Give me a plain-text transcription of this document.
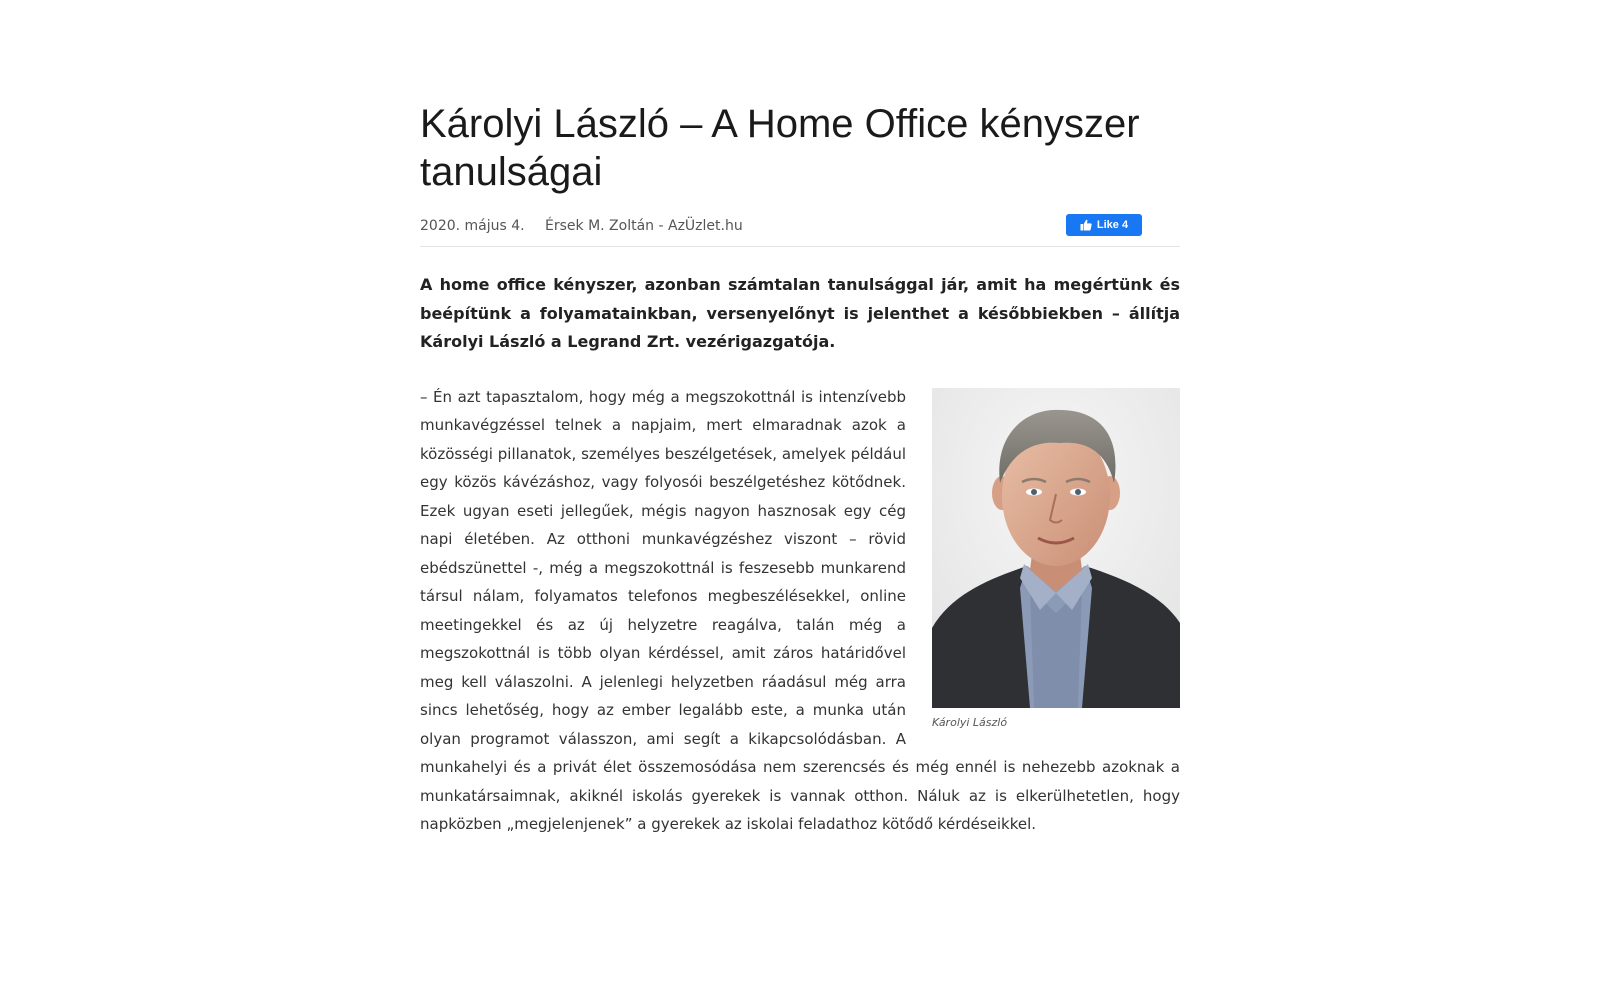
Károlyi László – A Home Office kényszer tanulságai
2020. május 4. Érsek M. Zoltán - AzÜzlet.hu	Like 4
A home office kényszer, azonban számtalan tanulsággal jár, amit ha megértünk és beépítünk a folyamatainkban, versenyelőnyt is jelenthet a későbbiekben – állítja Károlyi László a Legrand Zrt. vezérigazgatója.
Károlyi László

– Én azt tapasztalom, hogy még a megszokottnál is intenzívebb munkavégzéssel telnek a napjaim, mert elmaradnak azok a közösségi pillanatok, személyes beszélgetések, amelyek például egy közös kávézáshoz, vagy folyosói beszélgetéshez kötődnek. Ezek ugyan eseti jellegűek, mégis nagyon hasznosak egy cég napi életében. Az otthoni munkavégzéshez viszont – rövid ebédszünettel -, még a megszokottnál is feszesebb munkarend társul nálam, folyamatos telefonos megbeszélésekkel, online meetingekkel és az új helyzetre reagálva, talán még a megszokottnál is több olyan kérdéssel, amit záros határidővel meg kell válaszolni. A jelenlegi helyzetben ráadásul még arra sincs lehetőség, hogy az ember legalább este, a munka után olyan programot válasszon, ami segít a kikapcsolódásban. A munkahelyi és a privát élet összemosódása nem szerencsés és még ennél is nehezebb azoknak a munkatársaimnak, akiknél iskolás gyerekek is vannak otthon. Náluk az is elkerülhetetlen, hogy napközben „megjelenjenek” a gyerekek az iskolai feladathoz kötődő kérdéseikkel.
